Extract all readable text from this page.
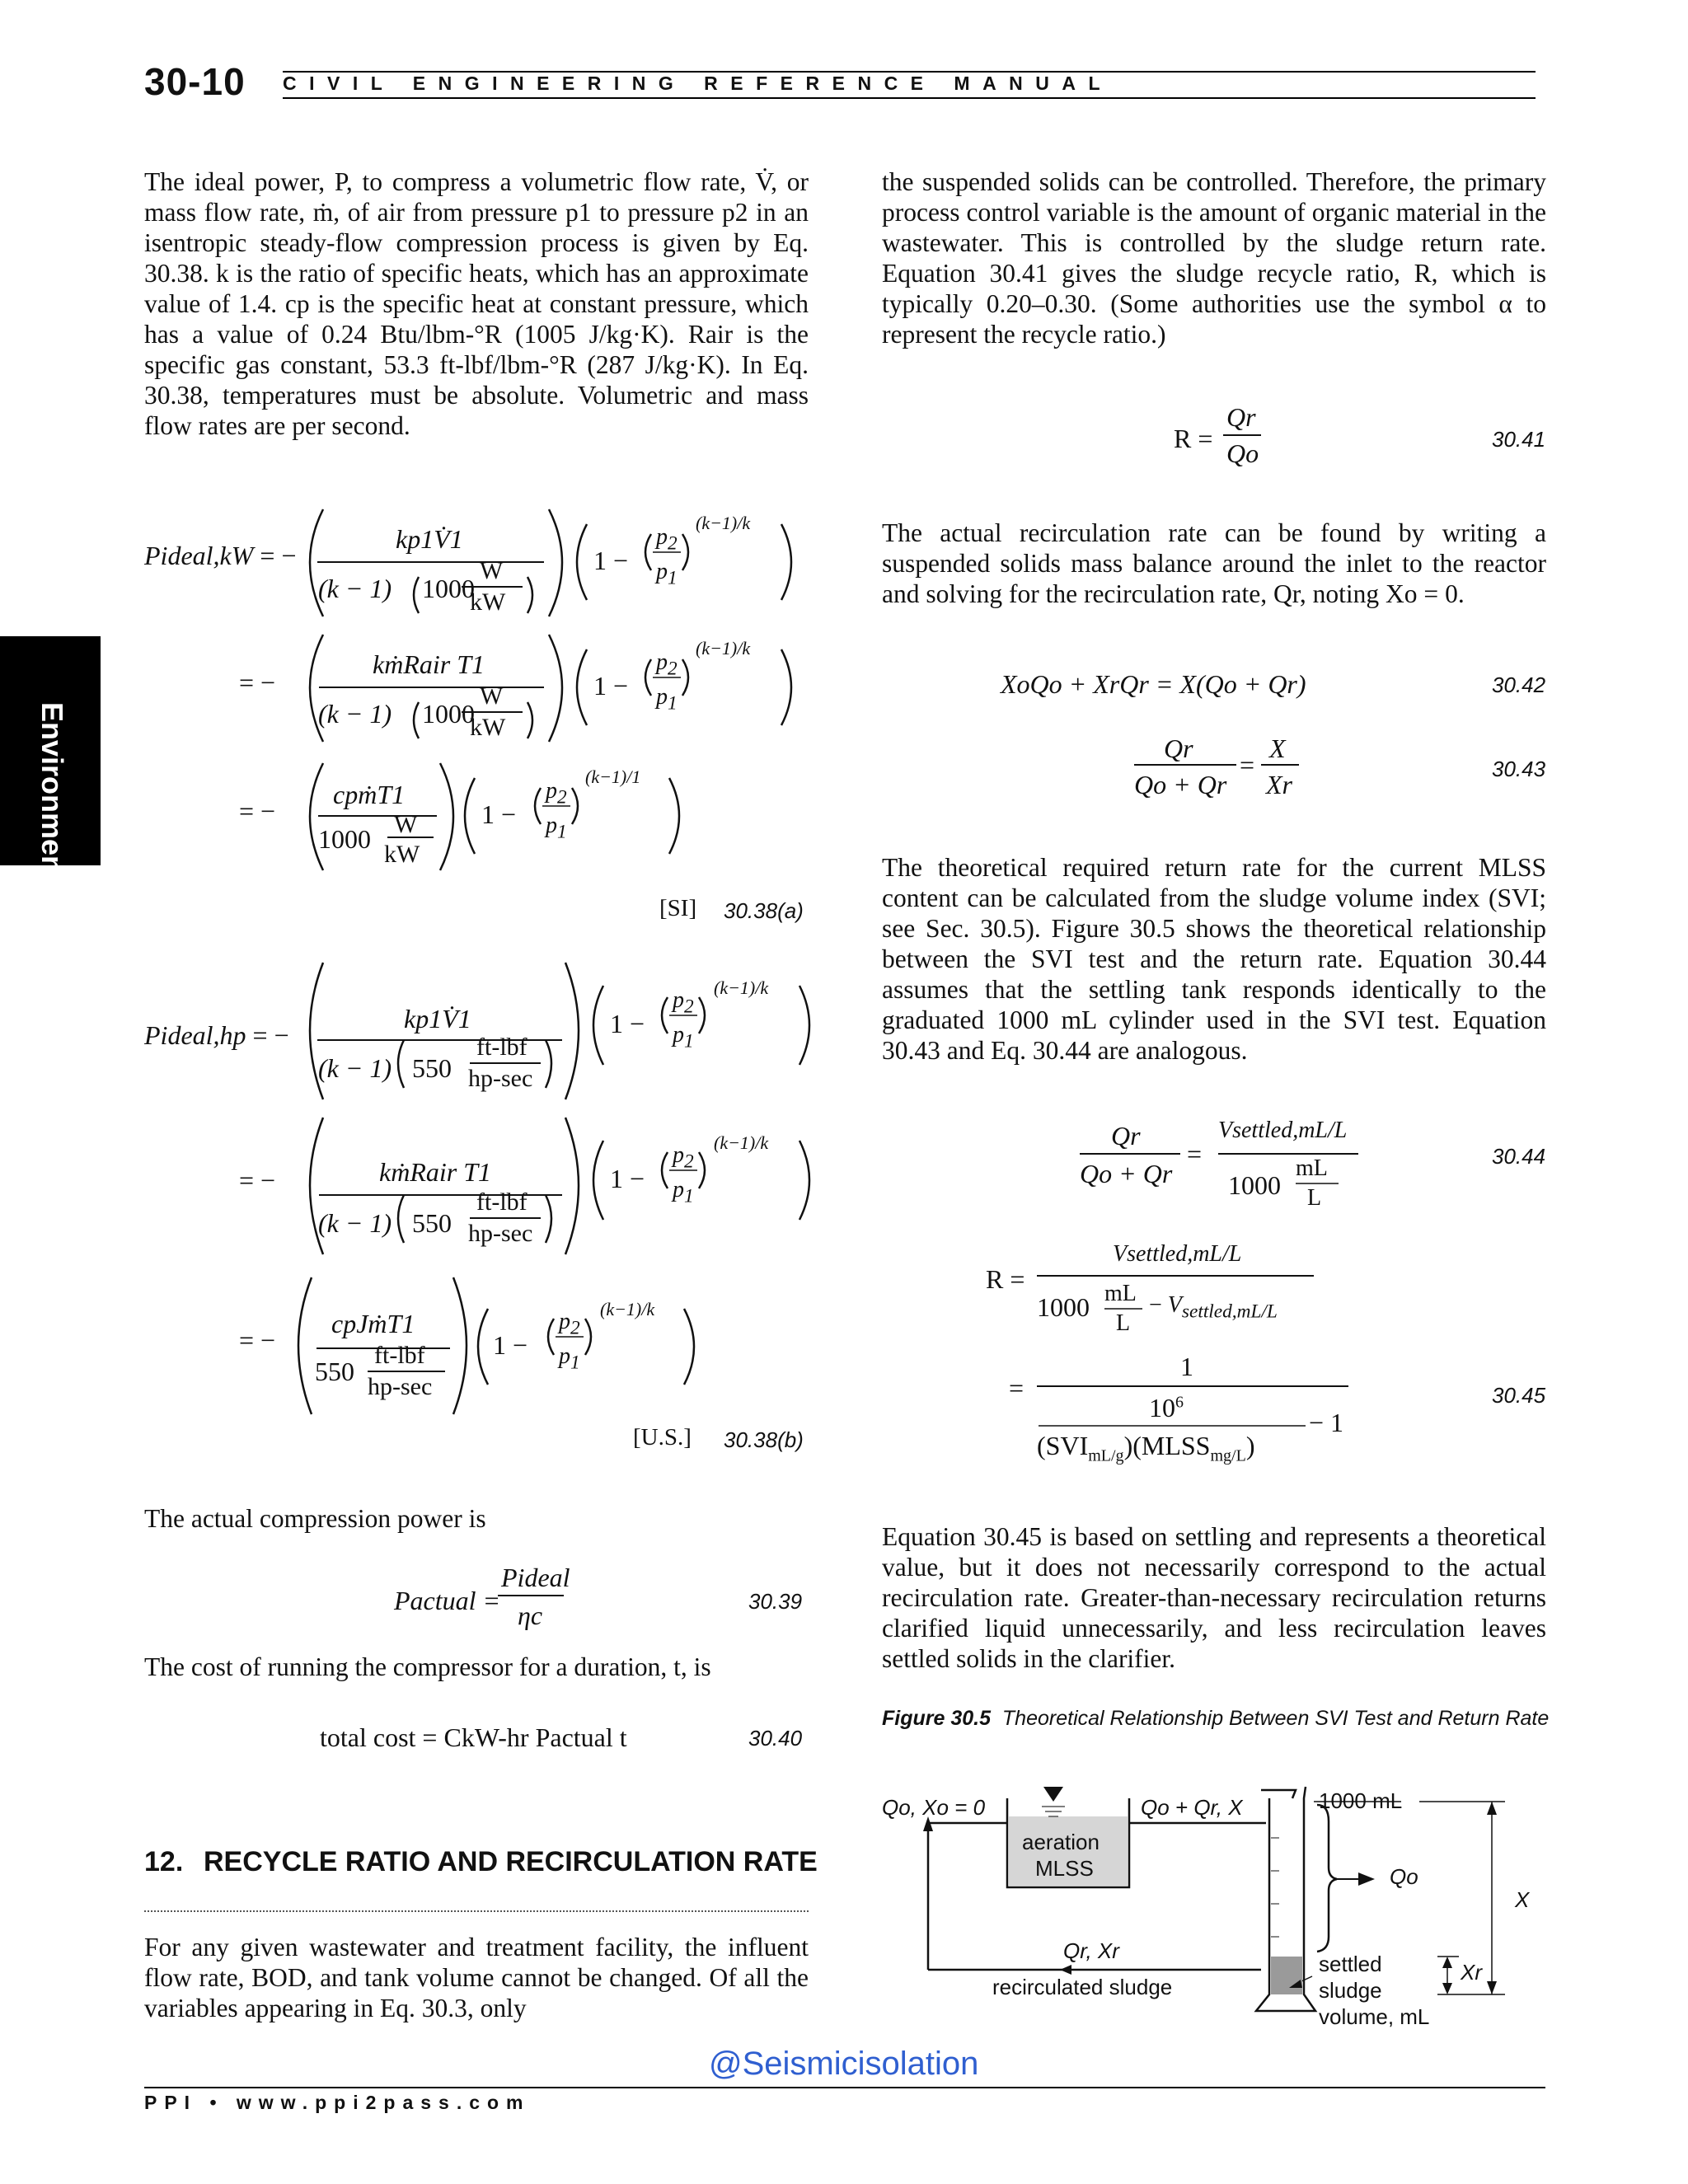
30-10 CIVIL ENGINEERING REFERENCE MANUAL
Environmental

The ideal power, P, to compress a volumetric flow rate, V̇, or mass flow rate, ṁ, of air from pressure p1 to pressure p2 in an isentropic steady-flow compression process is given by Eq. 30.38. k is the ratio of specific heats, which has an approximate value of 1.4. cp is the specific heat at constant pressure, which has a value of 0.24 Btu/lbm-°R (1005 J/kg·K). Rair is the specific gas constant, 53.3 ft-lbf/lbm-°R (287 J/kg·K). In Eq. 30.38, temperatures must be absolute. Volumetric and mass flow rates are per second.

Pideal,kW = −
kp1V̇1
(k − 1) 1000
W
kW
1 −
$p_2$
$p_1$
(k−1)/k
= −
kṁRair T1
(k − 1) 1000
W
kW
1 −
$p_2$
$p_1$
(k−1)/k
= −
cpṁT1
1000 W
kW
1 −
$p_2$
$p_1$
(k−1)/1
[SI] 30.38(a)
Pideal,hp = −
kp1V̇1
(k − 1) 550
ft-lbf
hp-sec
1 −
$p_2$
$p_1$
(k−1)/k
= −	kṁRair T1
(k − 1) 550
ft-lbf
hp-sec
1 −
$p_2$
$p_1$
(k−1)/k
= −
cpJṁT1
550
ft-lbf
hp-sec
1 −
$p_2$
$p_1$
(k−1)/k
[U.S.] 30.38(b)

The actual compression power is

Pactual =
Pideal
ηc	30.39

The cost of running the compressor for a duration, t, is

total cost = CkW-hr Pactual t	30.40
12. RECYCLE RATIO AND RECIRCULATION RATE

For any given wastewater and treatment facility, the influent flow rate, BOD, and tank volume cannot be changed. Of all the variables appearing in Eq. 30.3, only

the suspended solids can be controlled. Therefore, the primary process control variable is the amount of organic material in the wastewater. This is controlled by the sludge return rate. Equation 30.41 gives the sludge recycle ratio, R, which is typically 0.20–0.30. (Some authorities use the symbol α to represent the recycle ratio.)

R =
Qr
Qo	30.41

The actual recirculation rate can be found by writing a suspended solids mass balance around the inlet to the reactor and solving for the recirculation rate, Qr, noting Xo = 0.

XoQo + XrQr = X(Qo + Qr)	30.42
Qr
Qo + Qr
=
X
Xr
30.43

The theoretical required return rate for the current MLSS content can be calculated from the sludge volume index (SVI; see Sec. 30.5). Figure 30.5 shows the theoretical relationship between the SVI test and the return rate. Equation 30.44 assumes that the settling tank responds identically to the graduated 1000 mL cylinder used in the SVI test. Equation 30.43 and Eq. 30.44 are analogous.

Qr
Qo + Qr
=
Vsettled,mL/L
1000
mL
L
30.44
R =
Vsettled,mL/L
1000 mL
L
− $V_{settled,mL/L}$
=
1
$10^6$
$(SVI_{mL/g})(MLSS_{mg/L})$
− 1
30.45

Equation 30.45 is based on settling and represents a theoretical value, but it does not necessarily correspond to the actual recirculation rate. Greater-than-necessary recirculation returns clarified liquid unnecessarily, and less recirculation leaves settled solids in the clarifier.

Figure 30.5 Theoretical Relationship Between SVI Test and Return Rate
Qo, Xo = 0	Qo + Qr, X
aeration
MLSS
Qr, Xr
recirculated sludge
1000 mL
Qo
X
Xr
settled
sludge
volume, mL
@Seismicisolation
PPI • www.ppi2pass.com
